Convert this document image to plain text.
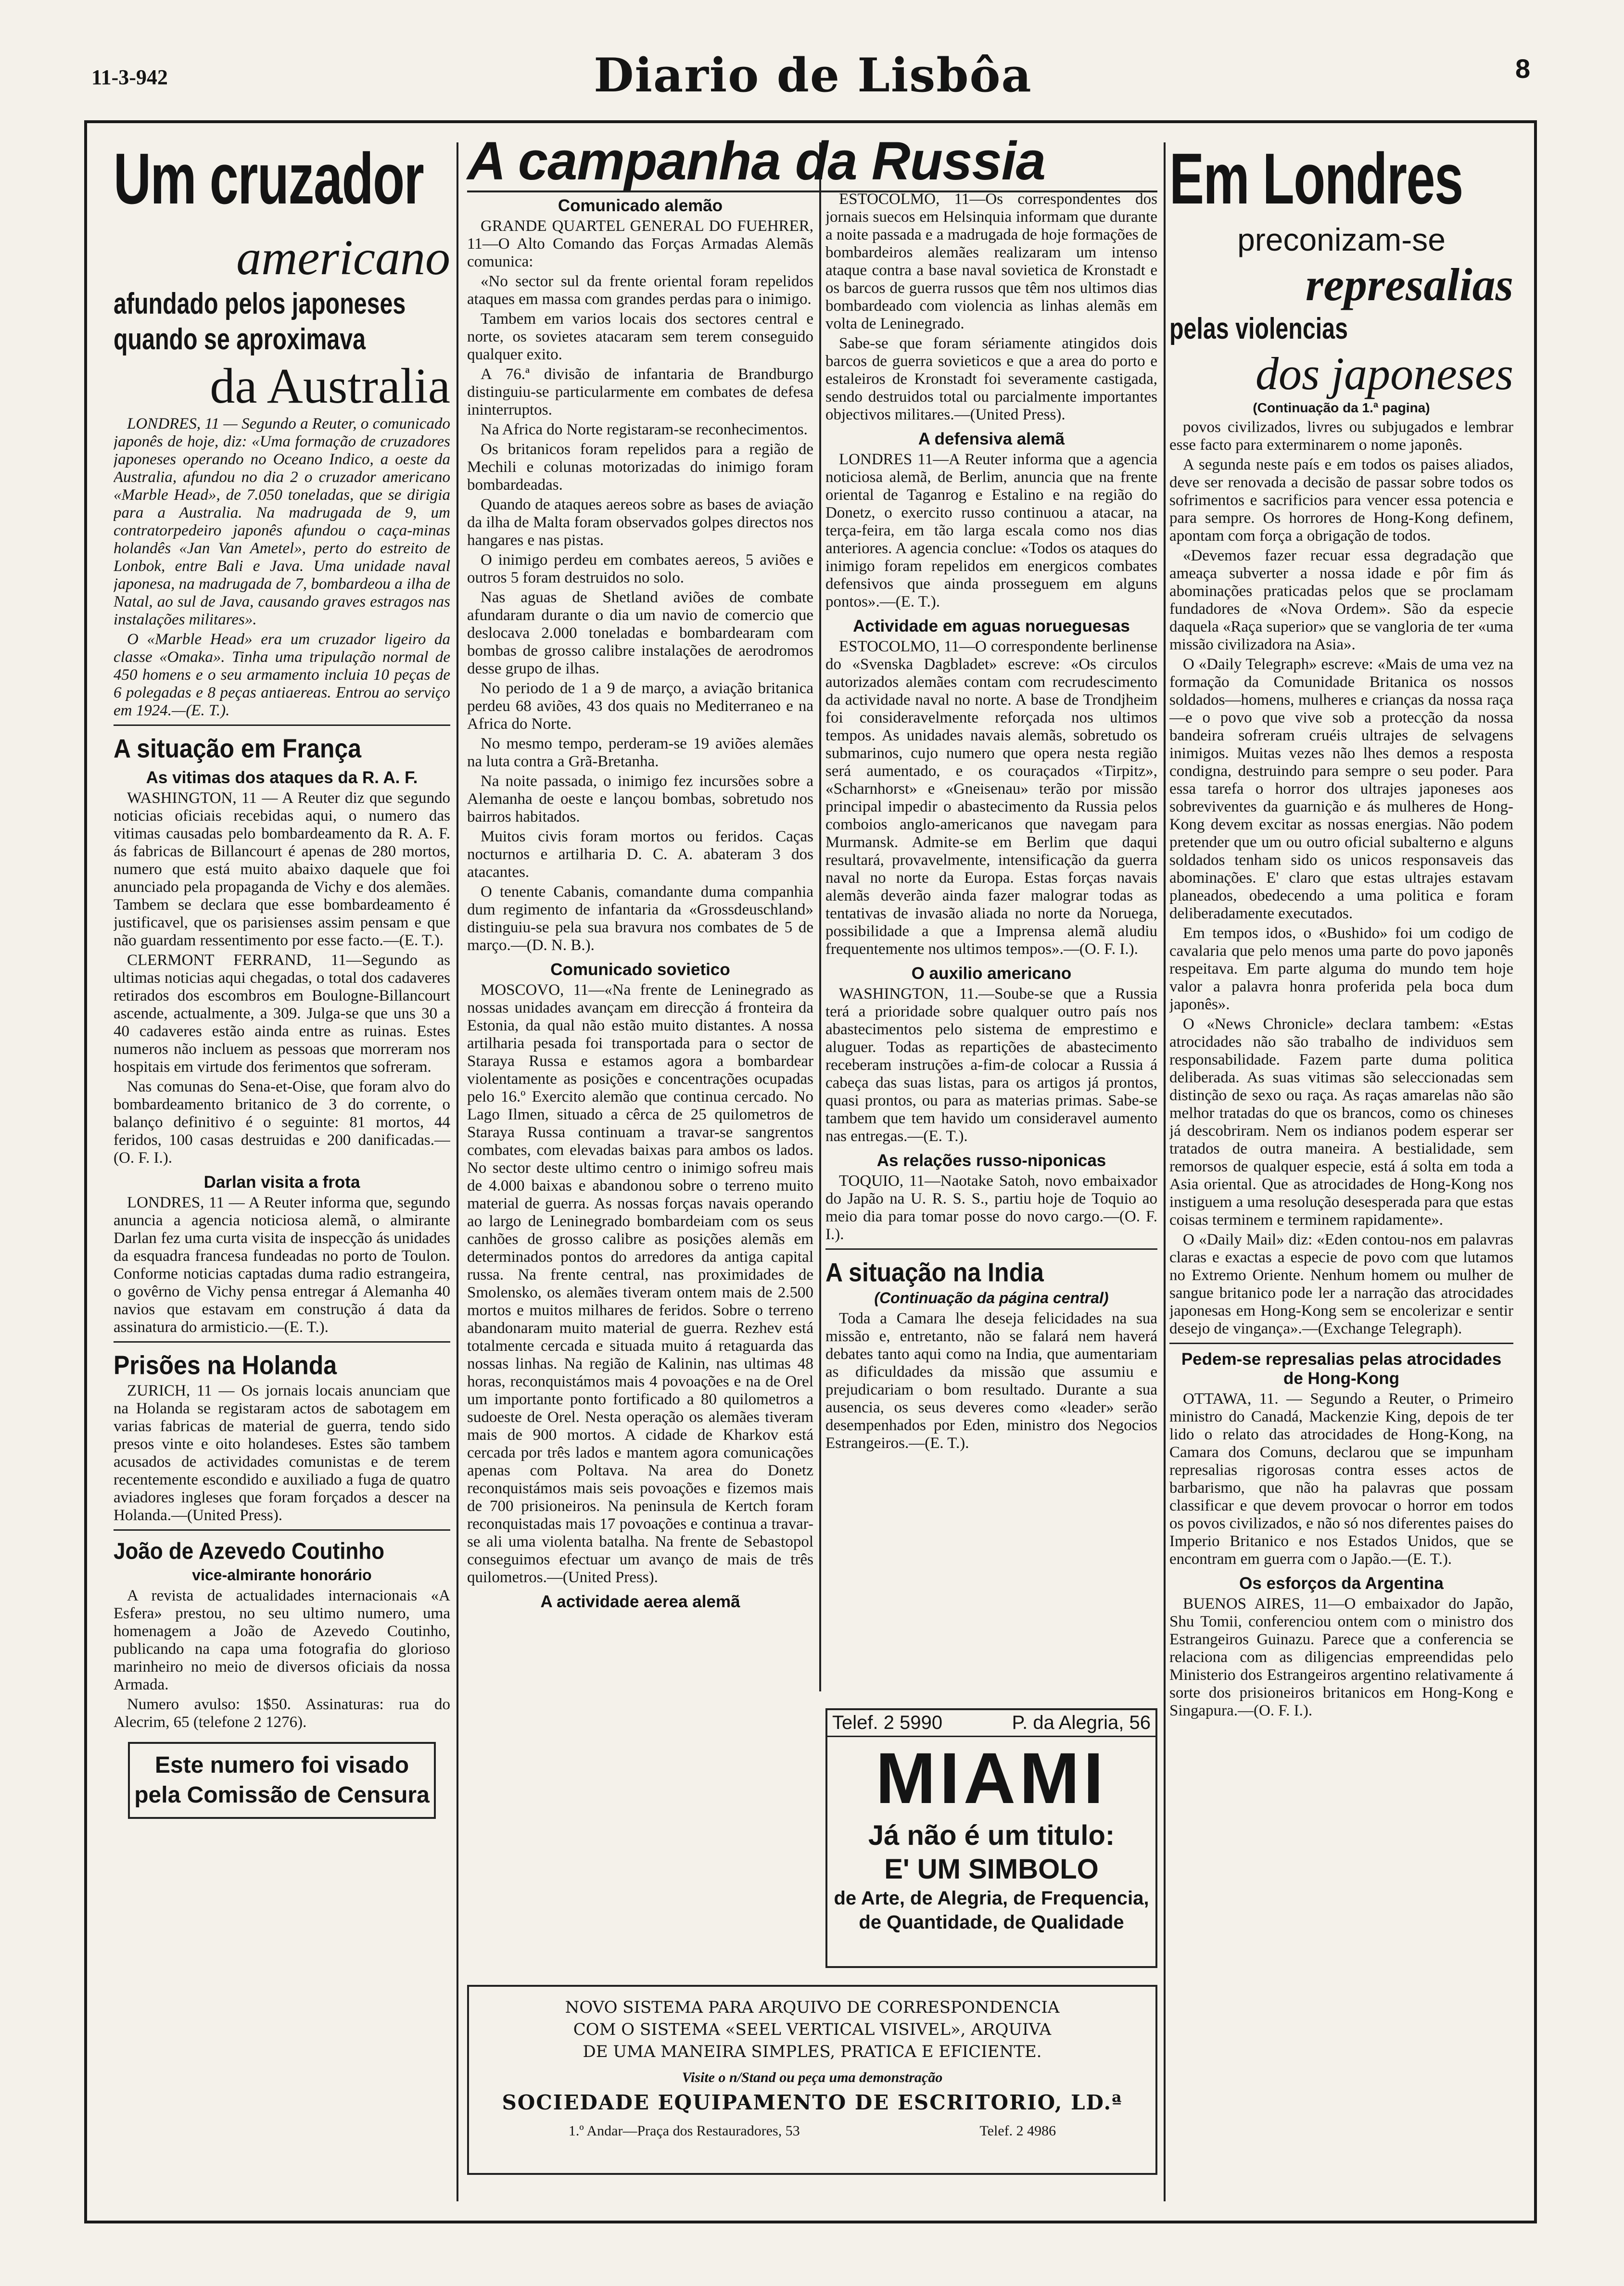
11-3-942	Diario de Lisbôa	8
A campanha da Russia
Um cruzador
americano
afundado pelos japoneses
quando se aproximava
da Australia

LONDRES, 11 — Segundo a Reuter, o comunicado japonês de hoje, diz: «Uma formação de cruzadores japoneses operando no Oceano Indico, a oeste da Australia, afundou no dia 2 o cruzador americano «Marble Head», de 7.050 toneladas, que se dirigia para a Australia. Na madrugada de 9, um contratorpedeiro japonês afundou o caça-minas holandês «Jan Van Ametel», perto do estreito de Lonbok, entre Bali e Java. Uma unidade naval japonesa, na madrugada de 7, bombardeou a ilha de Natal, ao sul de Java, causando graves estragos nas instalações militares».

O «Marble Head» era um cruzador ligeiro da classe «Omaka». Tinha uma tripulação normal de 450 homens e o seu armamento incluia 10 peças de 6 polegadas e 8 peças antiaereas. Entrou ao serviço em 1924.—(E. T.).

A situação em França
As vitimas dos ataques da R. A. F.

WASHINGTON, 11 — A Reuter diz que segundo noticias oficiais recebidas aqui, o numero das vitimas causadas pelo bombardeamento da R. A. F. ás fabricas de Billancourt é apenas de 280 mortos, numero que está muito abaixo daquele que foi anunciado pela propaganda de Vichy e dos alemães. Tambem se declara que esse bombardeamento é justificavel, que os parisienses assim pensam e que não guardam ressentimento por esse facto.—(E. T.).

CLERMONT FERRAND, 11—Segundo as ultimas noticias aqui chegadas, o total dos cadaveres retirados dos escombros em Boulogne-Billancourt ascende, actualmente, a 309. Julga-se que uns 30 a 40 cadaveres estão ainda entre as ruinas. Estes numeros não incluem as pessoas que morreram nos hospitais em virtude dos ferimentos que sofreram.

Nas comunas do Sena-et-Oise, que foram alvo do bombardeamento britanico de 3 do corrente, o balanço definitivo é o seguinte: 81 mortos, 44 feridos, 100 casas destruidas e 200 danificadas.—(O. F. I.).

Darlan visita a frota

LONDRES, 11 — A Reuter informa que, segundo anuncia a agencia noticiosa alemã, o almirante Darlan fez uma curta visita de inspecção ás unidades da esquadra francesa fundeadas no porto de Toulon. Conforme noticias captadas duma radio estrangeira, o govêrno de Vichy pensa entregar á Alemanha 40 navios que estavam em construção á data da assinatura do armisticio.—(E. T.).

Prisões na Holanda

ZURICH, 11 — Os jornais locais anunciam que na Holanda se registaram actos de sabotagem em varias fabricas de material de guerra, tendo sido presos vinte e oito holandeses. Estes são tambem acusados de actividades comunistas e de terem recentemente escondido e auxiliado a fuga de quatro aviadores ingleses que foram forçados a descer na Holanda.—(United Press).

João de Azevedo Coutinho
vice-almirante honorário

A revista de actualidades internacionais «A Esfera» prestou, no seu ultimo numero, uma homenagem a João de Azevedo Coutinho, publicando na capa uma fotografia do glorioso marinheiro no meio de diversos oficiais da nossa Armada.

Numero avulso: 1$50. Assinaturas: rua do Alecrim, 65 (telefone 2 1276).

Este numero foi visado pela Comissão de Censura
Comunicado alemão

GRANDE QUARTEL GENERAL DO FUEHRER, 11—O Alto Comando das Forças Armadas Alemãs comunica:

«No sector sul da frente oriental foram repelidos ataques em massa com grandes perdas para o inimigo.

Tambem em varios locais dos sectores central e norte, os sovietes atacaram sem terem conseguido qualquer exito.

A 76.ª divisão de infantaria de Brandburgo distinguiu-se particularmente em combates de defesa ininterruptos.

Na Africa do Norte registaram-se reconhecimentos.

Os britanicos foram repelidos para a região de Mechili e colunas motorizadas do inimigo foram bombardeadas.

Quando de ataques aereos sobre as bases de aviação da ilha de Malta foram observados golpes directos nos hangares e nas pistas.

O inimigo perdeu em combates aereos, 5 aviões e outros 5 foram destruidos no solo.

Nas aguas de Shetland aviões de combate afundaram durante o dia um navio de comercio que deslocava 2.000 toneladas e bombardearam com bombas de grosso calibre instalações de aerodromos desse grupo de ilhas.

No periodo de 1 a 9 de março, a aviação britanica perdeu 68 aviões, 43 dos quais no Mediterraneo e na Africa do Norte.

No mesmo tempo, perderam-se 19 aviões alemães na luta contra a Grã-Bretanha.

Na noite passada, o inimigo fez incursões sobre a Alemanha de oeste e lançou bombas, sobretudo nos bairros habitados.

Muitos civis foram mortos ou feridos. Caças nocturnos e artilharia D. C. A. abateram 3 dos atacantes.

O tenente Cabanis, comandante duma companhia dum regimento de infantaria da «Grossdeuschland» distinguiu-se pela sua bravura nos combates de 5 de março.—(D. N. B.).

Comunicado sovietico

MOSCOVO, 11—«Na frente de Leninegrado as nossas unidades avançam em direcção á fronteira da Estonia, da qual não estão muito distantes. A nossa artilharia pesada foi transportada para o sector de Staraya Russa e estamos agora a bombardear violentamente as posições e concentrações ocupadas pelo 16.º Exercito alemão que continua cercado. No Lago Ilmen, situado a cêrca de 25 quilometros de Staraya Russa continuam a travar-se sangrentos combates, com elevadas baixas para ambos os lados. No sector deste ultimo centro o inimigo sofreu mais de 4.000 baixas e abandonou sobre o terreno muito material de guerra. As nossas forças navais operando ao largo de Leninegrado bombardeiam com os seus canhões de grosso calibre as posições alemãs em determinados pontos do arredores da antiga capital russa. Na frente central, nas proximidades de Smolensko, os alemães tiveram ontem mais de 2.500 mortos e muitos milhares de feridos. Sobre o terreno abandonaram muito material de guerra. Rezhev está totalmente cercada e situada muito á retaguarda das nossas linhas. Na região de Kalinin, nas ultimas 48 horas, reconquistámos mais 4 povoações e na de Orel um importante ponto fortificado a 80 quilometros a sudoeste de Orel. Nesta operação os alemães tiveram mais de 900 mortos. A cidade de Kharkov está cercada por três lados e mantem agora comunicações apenas com Poltava. Na area do Donetz reconquistámos mais seis povoações e fizemos mais de 700 prisioneiros. Na peninsula de Kertch foram reconquistadas mais 17 povoações e continua a travar-se ali uma violenta batalha. Na frente de Sebastopol conseguimos efectuar um avanço de mais de três quilometros.—(United Press).

A actividade aerea alemã

ESTOCOLMO, 11—Os correspondentes dos jornais suecos em Helsinquia informam que durante a noite passada e a madrugada de hoje formações de bombardeiros alemães realizaram um intenso ataque contra a base naval sovietica de Kronstadt e os barcos de guerra russos que têm nos ultimos dias bombardeado com violencia as linhas alemãs em volta de Leninegrado.

Sabe-se que foram sériamente atingidos dois barcos de guerra sovieticos e que a area do porto e estaleiros de Kronstadt foi severamente castigada, sendo destruidos total ou parcialmente importantes objectivos militares.—(United Press).

A defensiva alemã

LONDRES 11—A Reuter informa que a agencia noticiosa alemã, de Berlim, anuncia que na frente oriental de Taganrog e Estalino e na região do Donetz, o exercito russo continuou a atacar, na terça-feira, em tão larga escala como nos dias anteriores. A agencia conclue: «Todos os ataques do inimigo foram repelidos em energicos combates defensivos que ainda prosseguem em alguns pontos».—(E. T.).

Actividade em aguas norueguesas

ESTOCOLMO, 11—O correspondente berlinense do «Svenska Dagbladet» escreve: «Os circulos autorizados alemães contam com recrudescimento da actividade naval no norte. A base de Trondjheim foi consideravelmente reforçada nos ultimos tempos. As unidades navais alemãs, sobretudo os submarinos, cujo numero que opera nesta região será aumentado, e os couraçados «Tirpitz», «Scharnhorst» e «Gneisenau» terão por missão principal impedir o abastecimento da Russia pelos comboios anglo-americanos que navegam para Murmansk. Admite-se em Berlim que daqui resultará, provavelmente, intensificação da guerra naval no norte da Europa. Estas forças navais alemãs deverão ainda fazer malograr todas as tentativas de invasão aliada no norte da Noruega, possibilidade a que a Imprensa alemã aludiu frequentemente nos ultimos tempos».—(O. F. I.).

O auxilio americano

WASHINGTON, 11.—Soube-se que a Russia terá a prioridade sobre qualquer outro país nos abastecimentos pelo sistema de emprestimo e aluguer. Todas as repartições de abastecimento receberam instruções a-fim-de colocar a Russia á cabeça das suas listas, para os artigos já prontos, quasi prontos, ou para as materias primas. Sabe-se tambem que tem havido um consideravel aumento nas entregas.—(E. T.).

As relações russo-niponicas

TOQUIO, 11—Naotake Satoh, novo embaixador do Japão na U. R. S. S., partiu hoje de Toquio ao meio dia para tomar posse do novo cargo.—(O. F. I.).

A situação na India
(Continuação da página central)

Toda a Camara lhe deseja felicidades na sua missão e, entretanto, não se falará nem haverá debates tanto aqui como na India, que aumentariam as dificuldades da missão que assumiu e prejudicariam o bom resultado. Durante a sua ausencia, os seus deveres como «leader» serão desempenhados por Eden, ministro dos Negocios Estrangeiros.—(E. T.).

Telef. 2 5990	P. da Alegria, 56
MIAMI
Já não é um titulo:
E' UM SIMBOLO
de Arte, de Alegria, de Frequencia,
de Quantidade, de Qualidade
NOVO SISTEMA PARA ARQUIVO DE CORRESPONDENCIA
COM O SISTEMA «SEEL VERTICAL VISIVEL», ARQUIVA
DE UMA MANEIRA SIMPLES, PRATICA E EFICIENTE.
Visite o n/Stand ou peça uma demonstração
SOCIEDADE EQUIPAMENTO DE ESCRITORIO, LD.ª
1.º Andar—Praça dos Restauradores, 53	Telef. 2 4986
Em Londres
preconizam-se
represalias
pelas violencias
dos japoneses
(Continuação da 1.ª pagina)

povos civilizados, livres ou subjugados e lembrar esse facto para exterminarem o nome japonês.

A segunda neste país e em todos os paises aliados, deve ser renovada a decisão de passar sobre todos os sofrimentos e sacrificios para vencer essa potencia e para sempre. Os horrores de Hong-Kong definem, apontam com força a obrigação de todos.

«Devemos fazer recuar essa degradação que ameaça subverter a nossa idade e pôr fim ás abominações praticadas pelos que se proclamam fundadores de «Nova Ordem». São da especie daquela «Raça superior» que se vangloria de ter «uma missão civilizadora na Asia».

O «Daily Telegraph» escreve: «Mais de uma vez na formação da Comunidade Britanica os nossos soldados—homens, mulheres e crianças da nossa raça—e o povo que vive sob a protecção da nossa bandeira sofreram cruéis ultrajes de selvagens inimigos. Muitas vezes não lhes demos a resposta condigna, destruindo para sempre o seu poder. Para essa tarefa o horror dos ultrajes japoneses aos sobreviventes da guarnição e ás mulheres de Hong-Kong devem excitar as nossas energias. Não podem pretender que um ou outro oficial subalterno e alguns soldados tenham sido os unicos responsaveis das abominações. E' claro que estas ultrajes estavam planeados, obedecendo a uma politica e foram deliberadamente executados.

Em tempos idos, o «Bushido» foi um codigo de cavalaria que pelo menos uma parte do povo japonês respeitava. Em parte alguma do mundo tem hoje valor a palavra honra proferida pela boca dum japonês».

O «News Chronicle» declara tambem: «Estas atrocidades não são trabalho de individuos sem responsabilidade. Fazem parte duma politica deliberada. As suas vitimas são seleccionadas sem distinção de sexo ou raça. As raças amarelas não são melhor tratadas do que os brancos, como os chineses já descobriram. Nem os indianos podem esperar ser tratados de outra maneira. A bestialidade, sem remorsos de qualquer especie, está á solta em toda a Asia oriental. Que as atrocidades de Hong-Kong nos instiguem a uma resolução desesperada para que estas coisas terminem e terminem rapidamente».

O «Daily Mail» diz: «Eden contou-nos em palavras claras e exactas a especie de povo com que lutamos no Extremo Oriente. Nenhum homem ou mulher de sangue britanico pode ler a narração das atrocidades japonesas em Hong-Kong sem se encolerizar e sentir desejo de vingança».—(Exchange Telegraph).

Pedem-se represalias pelas atrocidades de Hong-Kong

OTTAWA, 11. — Segundo a Reuter, o Primeiro ministro do Canadá, Mackenzie King, depois de ter lido o relato das atrocidades de Hong-Kong, na Camara dos Comuns, declarou que se impunham represalias rigorosas contra esses actos de barbarismo, que não ha palavras que possam classificar e que devem provocar o horror em todos os povos civilizados, e não só nos diferentes paises do Imperio Britanico e nos Estados Unidos, que se encontram em guerra com o Japão.—(E. T.).

Os esforços da Argentina

BUENOS AIRES, 11—O embaixador do Japão, Shu Tomii, conferenciou ontem com o ministro dos Estrangeiros Guinazu. Parece que a conferencia se relaciona com as diligencias empreendidas pelo Ministerio dos Estrangeiros argentino relativamente á sorte dos prisioneiros britanicos em Hong-Kong e Singapura.—(O. F. I.).
